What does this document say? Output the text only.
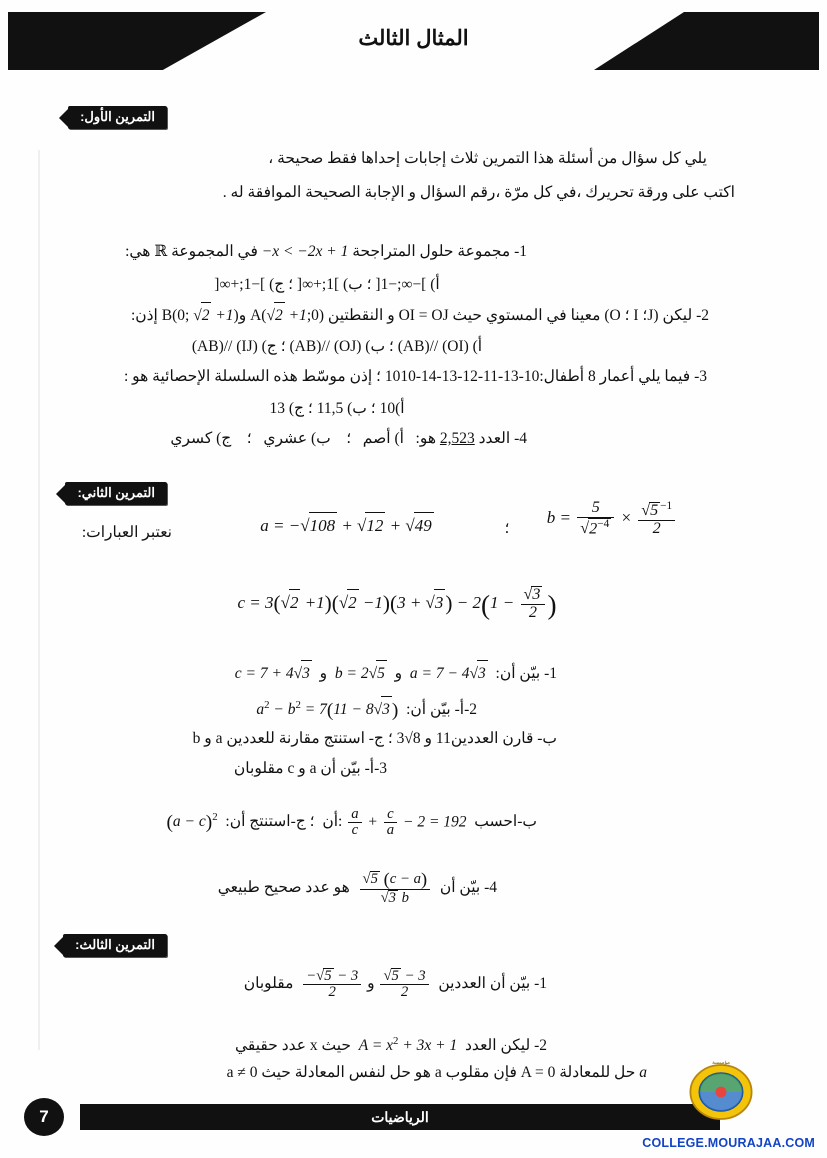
المثال الثالث
التمرين الأول:
يلي كل سؤال من أسئلة هذا التمرين ثلاث إجابات إحداها فقط صحيحة ،
اكتب على ورقة تحريرك ،في كل مرّة ،رقم السؤال و الإجابة الصحيحة الموافقة له .
1- مجموعة حلول المتراجحة −x < −2x + 1 في المجموعة ℝ هي:
أ) ]−∞;−1[ ؛ ب) ]1;+∞[ ؛ ج) ]−1;+∞[
2- ليكن (J؛ I ؛ O) معينا في المستوي حيث OI = OJ و النقطتين A(√2 +1;0) وB(0; √2 +1) إذن:
أ) (OI) //(AB) ؛ ب) (OJ) //(AB) ؛ ج) (IJ) //(AB)
3- فيما يلي أعمار 8 أطفال:10-13-11-12-13-14-1010 ؛ إذن موسّط هذه السلسلة الإحصائية هو :
أ)10 ؛ ب) 11,5 ؛ ج) 13
4- العدد 2,523 هو:   أ) أصم   ؛    ب) عشري   ؛    ج) كسري
التمرين الثاني:
نعتبر العبارات:	a = −√108 + √12 + √49	؛
$b = \frac{5}{√2^{-4}} \times \frac{√5 ^{-1}}{2}$
$c = 3(√2 +1)(√2 -1)(3 + √3) - 2(1 - \frac{√3}{2}$ )
1- بيّن أن:  a = 7 − 4√3  و  b = 2√5  و  c = 7 + 4√3
2-أ- بيّن أن:  $a^2 - b^2 = 7(11 - 8√3$ )
ب- قارن العددين11 و 8√3 ؛ ج- استنتج مقارنة للعددين a و b
3-أ- بيّن أن a و c مقلوبان
ب-احسب
$\frac{a}{c} + \frac{c}{a} - 2 = 192$ :أن  ؛ ج-استنتج أن:  $(a - c)^2$
4- بيّن أن
$\frac{√5 (c - a)}{√3 b}$
هو عدد صحيح طبيعي
التمرين الثالث:
1- بيّن أن العددين
$\frac{√5 - 3}{2}$
و
$\frac{-√5 - 3}{2}$
مقلوبان
2- ليكن العدد  $A = x^2 + 3x + 1$  حيث x عدد حقيقي
a حل للمعادلة A = 0 فإن مقلوب a هو حل لنفس المعادلة حيث a ≠ 0
الرياضيات
7
مؤسسة
COLLEGE.MOURAJAA.COM
